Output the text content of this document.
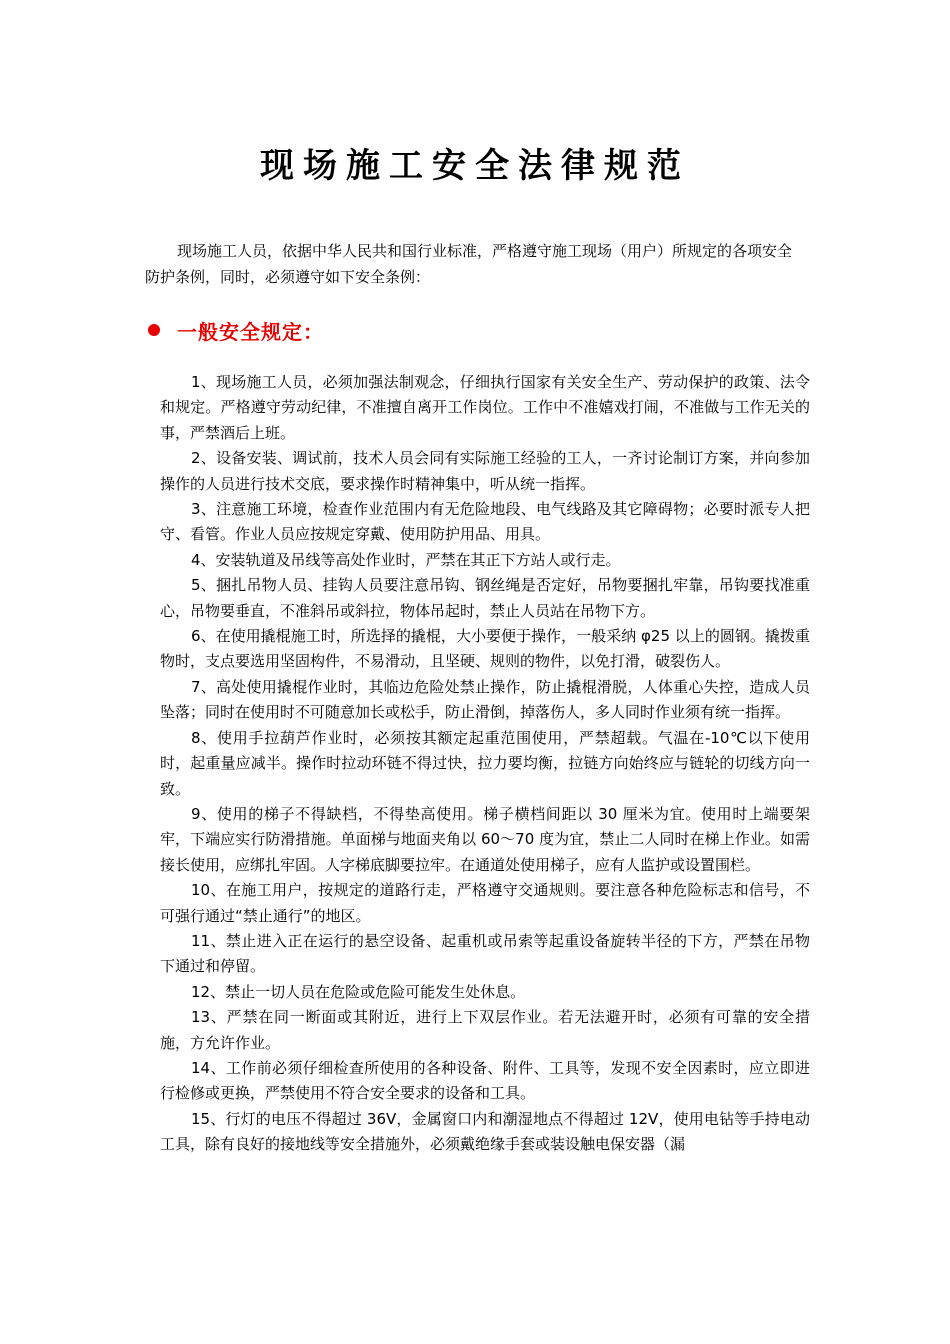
现场施工安全法律规范

现场施工人员，依据中华人民共和国行业标准，严格遵守施工现场（用户）所规定的各项安全防护条例，同时，必须遵守如下安全条例：

一般安全规定：
1、现场施工人员，必须加强法制观念，仔细执行国家有关安全生产、劳动保护的政策、法令和规定。严格遵守劳动纪律，不准擅自离开工作岗位。工作中不准嬉戏打闹，不准做与工作无关的事，严禁酒后上班。
2、设备安装、调试前，技术人员会同有实际施工经验的工人，一齐讨论制订方案，并向参加操作的人员进行技术交底，要求操作时精神集中，听从统一指挥。
3、注意施工环境，检查作业范围内有无危险地段、电气线路及其它障碍物；必要时派专人把守、看管。作业人员应按规定穿戴、使用防护用品、用具。
4、安装轨道及吊线等高处作业时，严禁在其正下方站人或行走。
5、捆扎吊物人员、挂钩人员要注意吊钩、钢丝绳是否定好，吊物要捆扎牢靠，吊钩要找准重心，吊物要垂直，不准斜吊或斜拉，物体吊起时，禁止人员站在吊物下方。
6、在使用撬棍施工时，所选择的撬棍，大小要便于操作，一般采纳 φ25 以上的圆钢。撬拨重物时，支点要选用坚固构件，不易滑动，且坚硬、规则的物件，以免打滑，破裂伤人。
7、高处使用撬棍作业时，其临边危险处禁止操作，防止撬棍滑脱，人体重心失控，造成人员坠落；同时在使用时不可随意加长或松手，防止滑倒，掉落伤人，多人同时作业须有统一指挥。
8、使用手拉葫芦作业时，必须按其额定起重范围使用，严禁超载。气温在-10℃以下使用时，起重量应减半。操作时拉动环链不得过快，拉力要均衡，拉链方向始终应与链轮的切线方向一致。
9、使用的梯子不得缺档，不得垫高使用。梯子横档间距以 30 厘米为宜。使用时上端要架牢，下端应实行防滑措施。单面梯与地面夹角以 60～70 度为宜，禁止二人同时在梯上作业。如需接长使用，应绑扎牢固。人字梯底脚要拉牢。在通道处使用梯子，应有人监护或设置围栏。
10、在施工用户，按规定的道路行走，严格遵守交通规则。要注意各种危险标志和信号，不可强行通过“禁止通行”的地区。
11、禁止进入正在运行的悬空设备、起重机或吊索等起重设备旋转半径的下方，严禁在吊物下通过和停留。
12、禁止一切人员在危险或危险可能发生处休息。
13、严禁在同一断面或其附近，进行上下双层作业。若无法避开时，必须有可靠的安全措施，方允许作业。
14、工作前必须仔细检查所使用的各种设备、附件、工具等，发现不安全因素时，应立即进行检修或更换，严禁使用不符合安全要求的设备和工具。
15、行灯的电压不得超过 36V，金属窗口内和潮湿地点不得超过 12V，使用电钻等手持电动工具，除有良好的接地线等安全措施外，必须戴绝缘手套或装设触电保安器（漏
